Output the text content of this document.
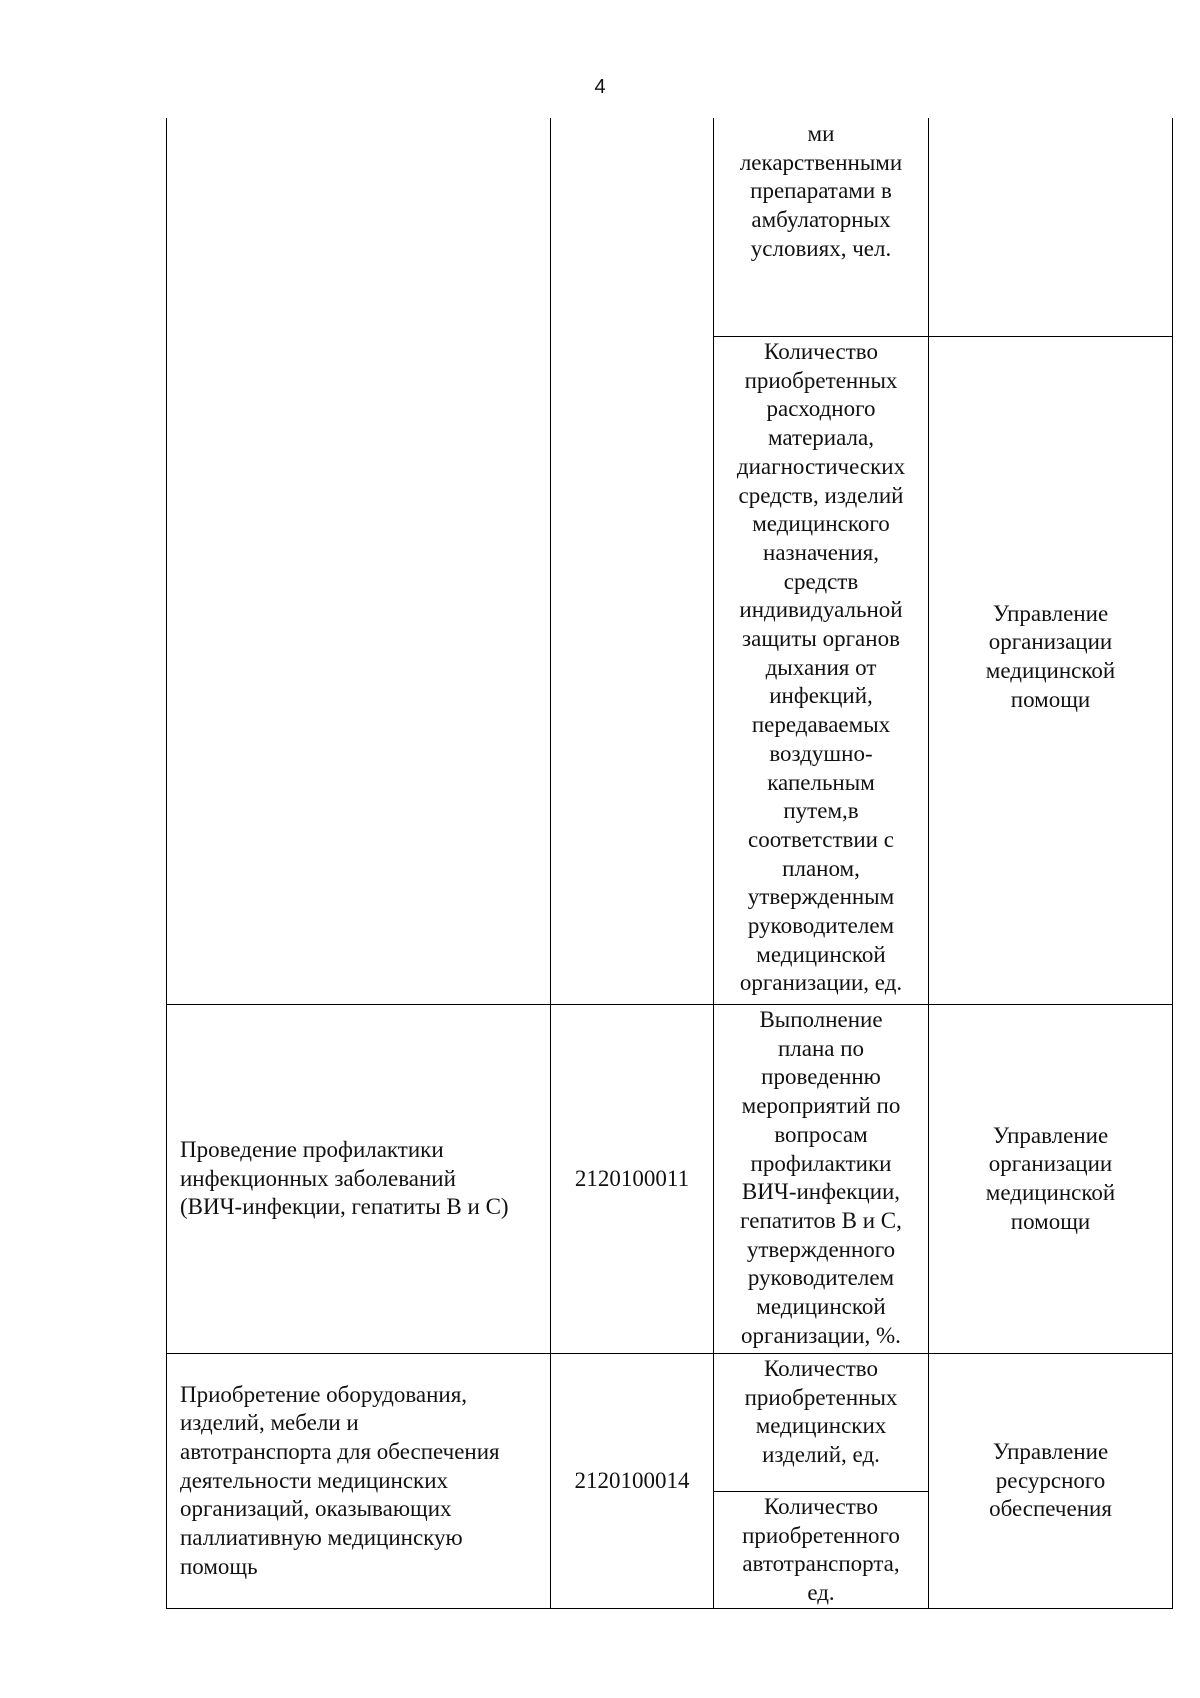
4
ми
лекарственными
препаратами в
амбулаторных
условиях, чел.
Количество
приобретенных
расходного
материала,
диагностических
средств, изделий
медицинского
назначения,
средств
индивидуальной
защиты органов
дыхания от
инфекций,
передаваемых
воздушно-
капельным
путем,в
соответствии с
планом,
утвержденным
руководителем
медицинской
организации, ед.
Управление
организации
медицинской
помощи
Проведение профилактики
инфекционных заболеваний
(ВИЧ-инфекции, гепатиты В и С)
2120100011
Выполнение
плана по
проведенню
мероприятий по
вопросам
профилактики
ВИЧ-инфекции,
гепатитов В и С,
утвержденного
руководителем
медицинской
организации, %.
Управление
организации
медицинской
помощи
Приобретение оборудования,
изделий, мебели и
автотранспорта для обеспечения
деятельности медицинских
организаций, оказывающих
паллиативную медицинскую
помощь
2120100014
Количество
приобретенных
медицинских
изделий, ед.
Количество
приобретенного
автотранспорта,
ед.
Управление
ресурсного
обеспечения
